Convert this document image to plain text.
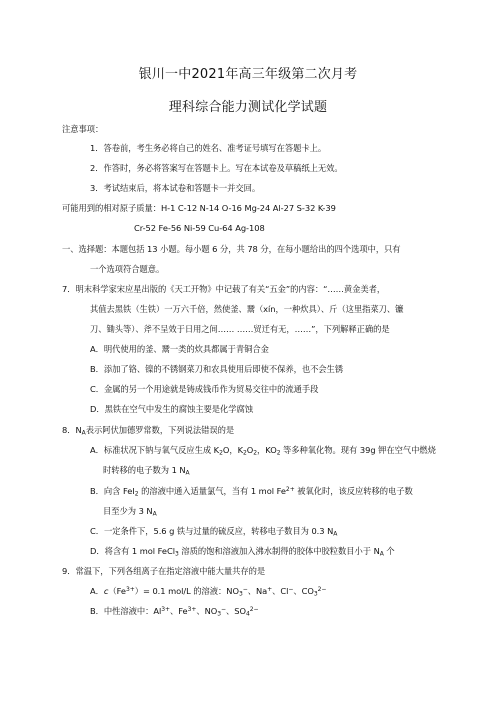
银川一中2021年高三年级第二次月考
理科综合能力测试化学试题
注意事项：
1．答卷前，考生务必将自己的姓名、准考证号填写在答题卡上。
2．作答时，务必将答案写在答题卡上。写在本试卷及草稿纸上无效。
3．考试结束后，将本试卷和答题卡一并交回。
可能用到的相对原子质量：H-1 C-12 N-14 O-16 Mg-24 Al-27 S-32 K-39
Cr-52 Fe-56 Ni-59 Cu-64 Ag-108
一、选择题：本题包括 13 小题。每小题 6 分，共 78 分，在每小题给出的四个选项中，只有
一个选项符合题意。
7．明末科学家宋应星出版的《天工开物》中记载了有关“五金”的内容：“……黄金美者，
其值去黑铁（生铁）一万六千倍，然使釜、鬵（xín，一种炊具）、斤（这里指菜刀、镰
刀、锄头等）、斧不呈效于日用之间…… ……贸迁有无，……”，下列解释正确的是
A．明代使用的釜、鬵一类的炊具都属于青铜合金
B．添加了铬、镍的不锈钢菜刀和农具使用后即使不保养，也不会生锈
C．金属的另一个用途就是铸成钱币作为贸易交往中的流通手段
D．黑铁在空气中发生的腐蚀主要是化学腐蚀
8．$N_A$表示阿伏加德罗常数，下列说法错误的是
A．标准状况下钠与氧气反应生成 $K_2O$，$K_2O_2$，$KO_2$ 等多种氧化物。现有 39g 钾在空气中燃烧
时转移的电子数为 1 $N_A$
B．向含 FeI$_2$ 的溶液中通入适量氯气，当有 1 mol $Fe^{2+}$ 被氧化时，该反应转移的电子数
目至少为 3 $N_A$
C．一定条件下，5.6 g 铁与过量的硫反应，转移电子数目为 0.3 $N_A$
D．将含有 1 mol FeCl$_3$ 溶质的饱和溶液加入沸水制得的胶体中胶粒数目小于 $N_A$ 个
9．常温下，下列各组离子在指定溶液中能大量共存的是
A．$c(Fe^{3+})= 0.1$ mol/L 的溶液：$NO_3^-$、Na+、Cl−、$CO_3^{2-}$
B．中性溶液中：$Al^{3+}$、$Fe^{3+}$、$NO_3^-$、$SO_4^{2-}$
